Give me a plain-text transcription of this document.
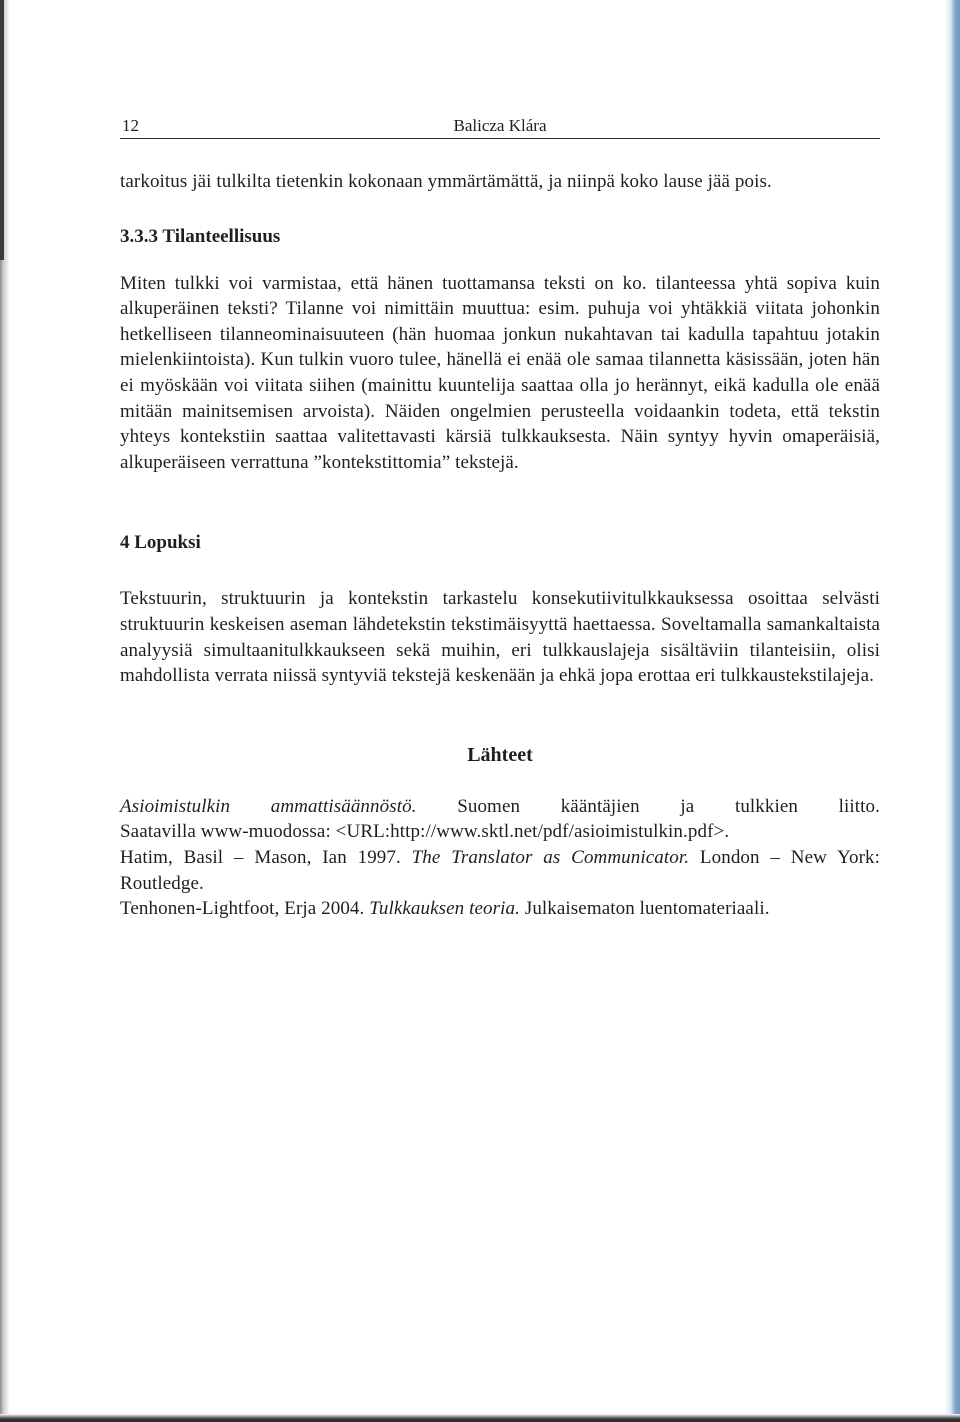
12	Balicza Klára

tarkoitus jäi tulkilta tietenkin kokonaan ymmärtämättä, ja niinpä koko lause jää pois.

3.3.3 Tilanteellisuus

Miten tulkki voi varmistaa, että hänen tuottamansa teksti on ko. tilanteessa yhtä sopiva kuin alkuperäinen teksti? Tilanne voi nimittäin muuttua: esim. puhuja voi yhtäkkiä viitata johonkin hetkelliseen tilanneominaisuuteen (hän huomaa jonkun nukahtavan tai kadulla tapahtuu jotakin mielenkiintoista). Kun tulkin vuoro tulee, hänellä ei enää ole samaa tilannetta käsissään, joten hän ei myöskään voi viitata siihen (mainittu kuuntelija saattaa olla jo herännyt, eikä kadulla ole enää mitään mainitsemisen arvoista). Näiden ongelmien perusteella voidaankin todeta, että tekstin yhteys kontekstiin saattaa valitettavasti kärsiä tulkkauksesta. Näin syntyy hyvin omaperäisiä, alkuperäiseen verrattuna ”kontekstittomia” tekstejä.

4 Lopuksi

Tekstuurin, struktuurin ja kontekstin tarkastelu konsekutiivitulkkauksessa osoittaa selvästi struktuurin keskeisen aseman lähdetekstin tekstimäisyyttä haettaessa. Soveltamalla samankaltaista analyysiä simultaanitulkkaukseen sekä muihin, eri tulkkauslajeja sisältäviin tilanteisiin, olisi mahdollista verrata niissä syntyviä tekstejä keskenään ja ehkä jopa erottaa eri tulkkaustekstilajeja.

Lähteet

Asioimistulkin ammattisäännöstö. Suomen kääntäjien ja tulkkien liitto.

Saatavilla www-muodossa: <URL:http://www.sktl.net/pdf/asioimistulkin.pdf>.

Hatim, Basil – Mason, Ian 1997. The Translator as Communicator. London – New York: Routledge.

Tenhonen-Lightfoot, Erja 2004. Tulkkauksen teoria. Julkaisematon luentomateriaali.
